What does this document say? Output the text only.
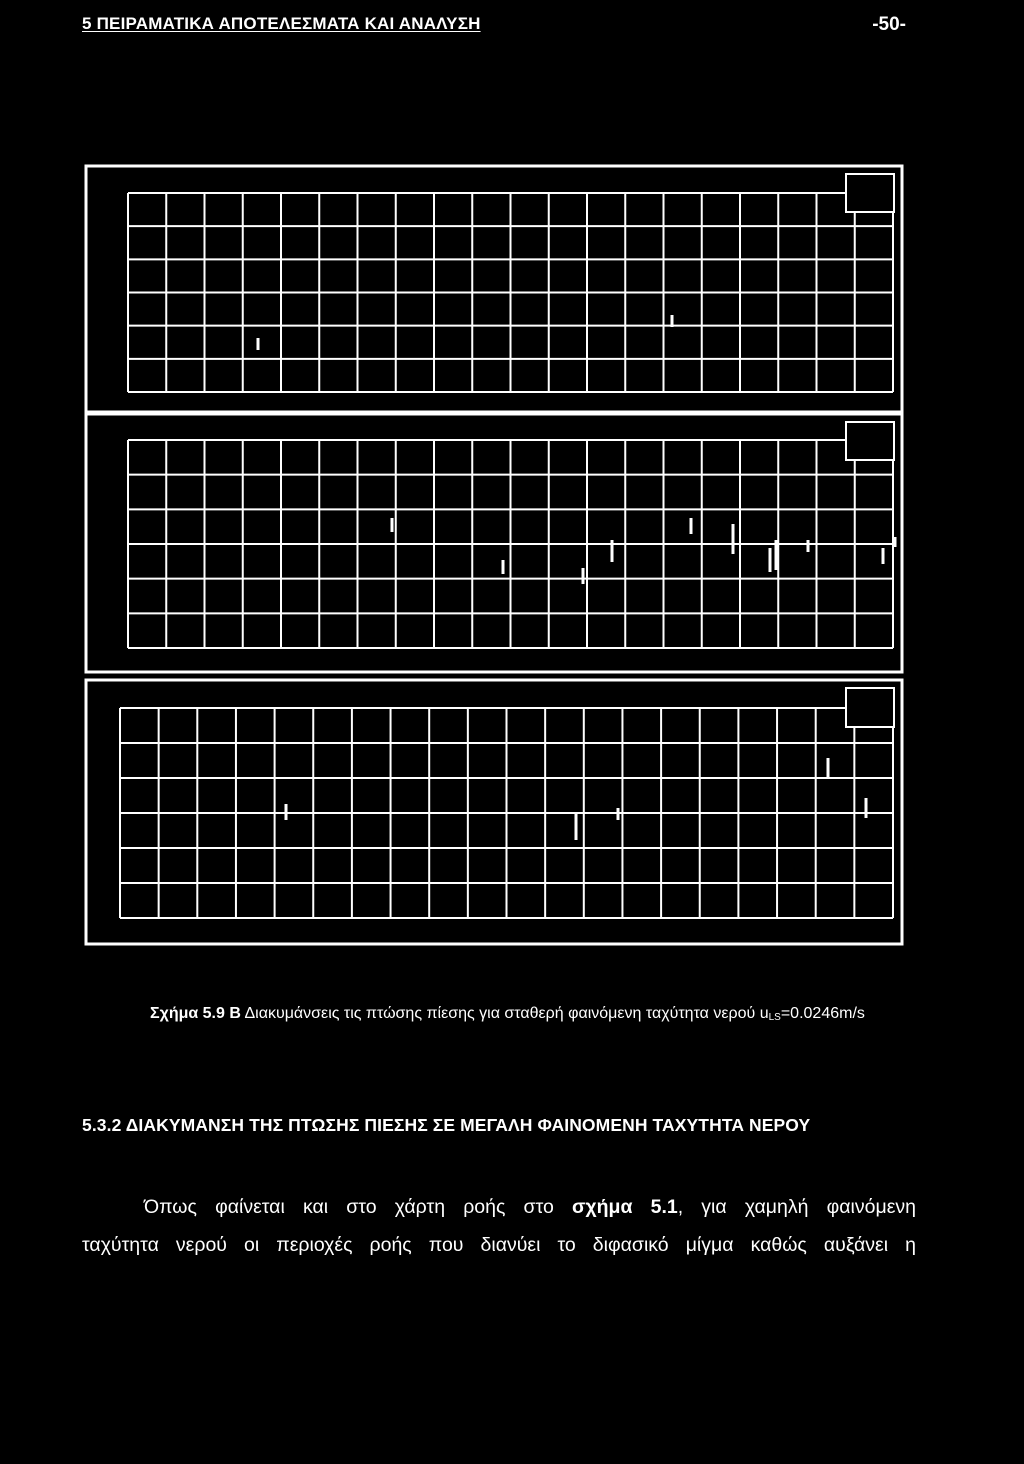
5 ΠΕΙΡΑΜΑΤΙΚΑ ΑΠΟΤΕΛΕΣΜΑΤΑ ΚΑΙ ΑΝΑΛΥΣΗ	-50-
Σχήμα 5.9 Β Διακυμάνσεις τις πτώσης πίεσης για σταθερή φαινόμενη ταχύτητα νερού $u_{LS}=0.0246m/s$
5.3.2 ΔΙΑΚΥΜΑΝΣΗ ΤΗΣ ΠΤΩΣΗΣ ΠΙΕΣΗΣ ΣΕ ΜΕΓΑΛΗ ΦΑΙΝΟΜΕΝΗ ΤΑΧΥΤΗΤΑ ΝΕΡΟΥ
Όπως φαίνεται και στο χάρτη ροής στο σχήμα 5.1, για χαμηλή φαινόμενη
ταχύτητα νερού οι περιοχές ροής που διανύει το διφασικό μίγμα καθώς αυξάνει η
